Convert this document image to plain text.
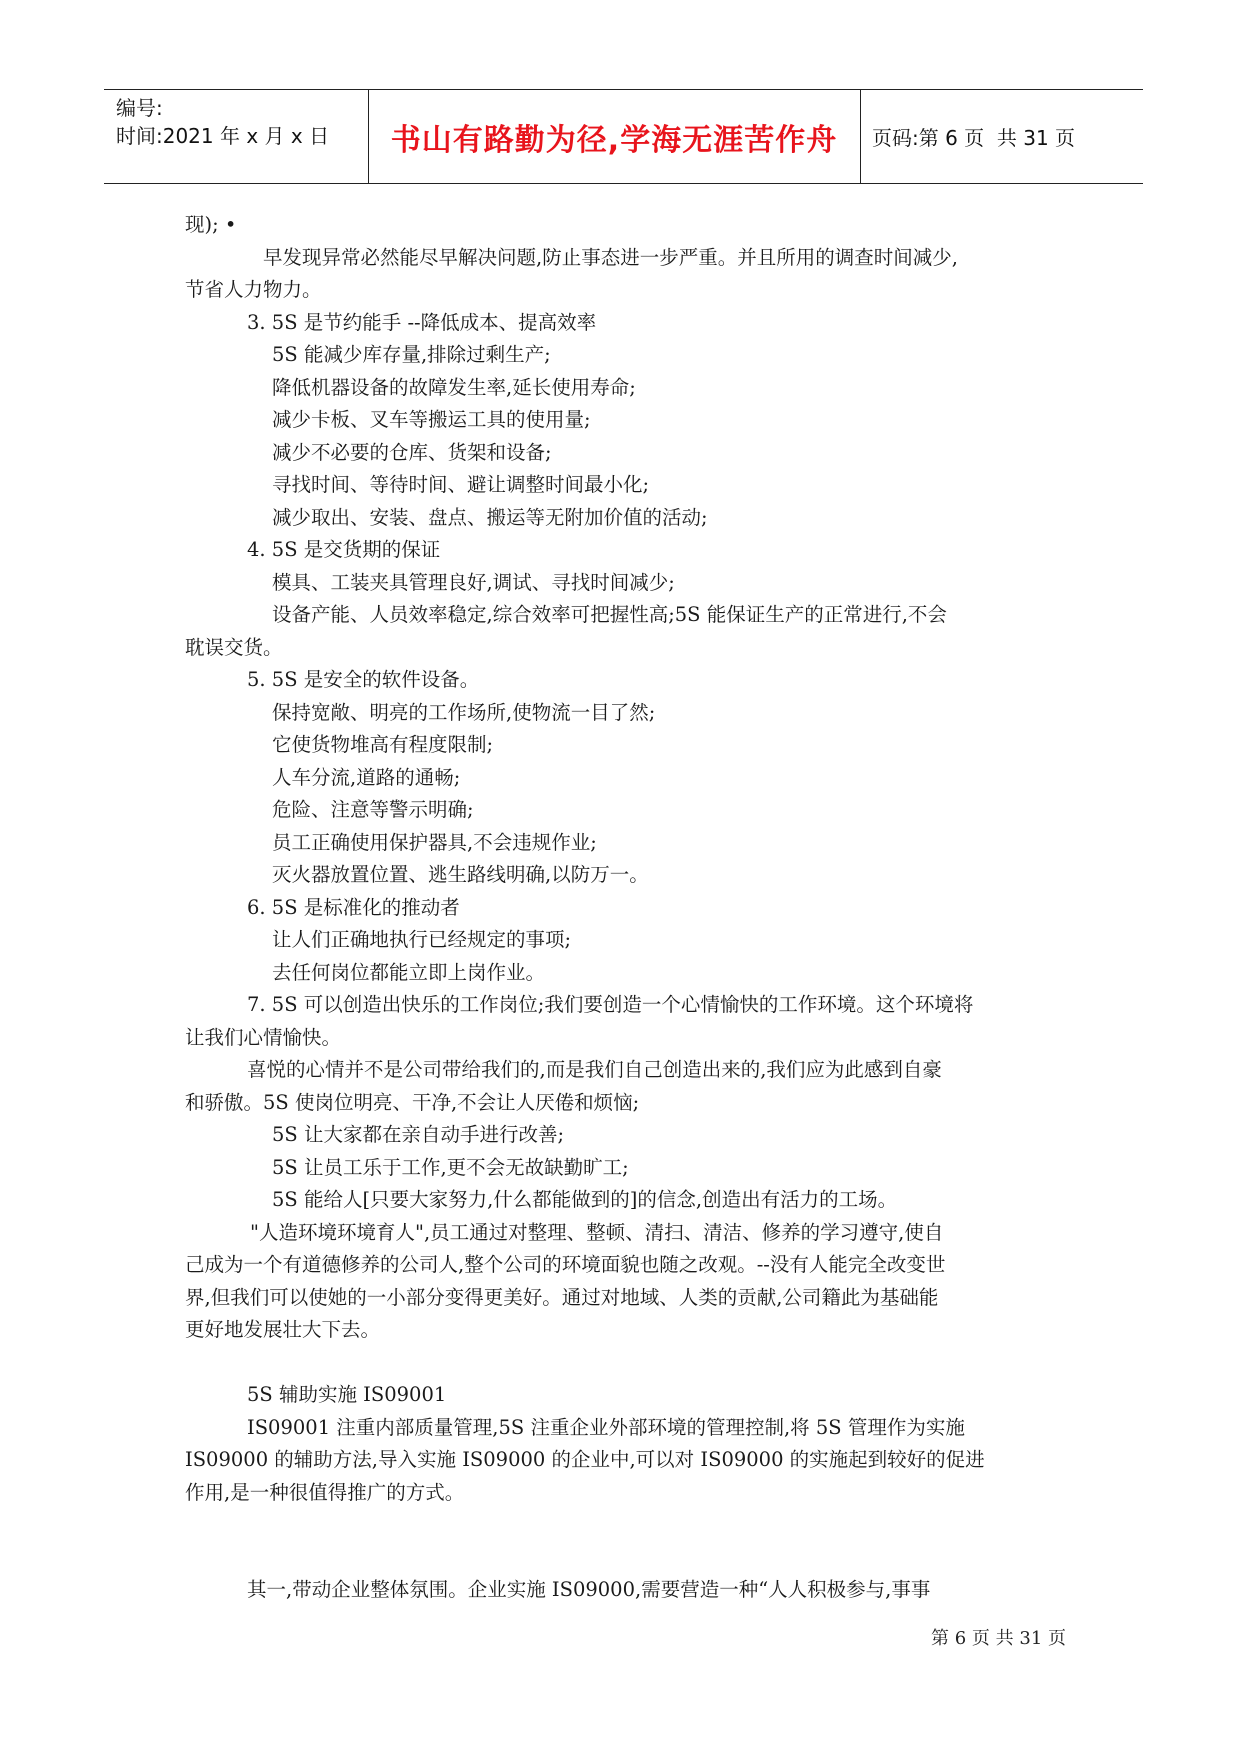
编号:
时间:2021 年 x 月 x 日	书山有路勤为径,学海无涯苦作舟	页码:第 6 页  共 31 页
现); •
早发现异常必然能尽早解决问题,防止事态进一步严重。并且所用的调查时间减少,
节省人力物力。
3. 5S 是节约能手 --降低成本、提高效率
5S 能减少库存量,排除过剩生产;
降低机器设备的故障发生率,延长使用寿命;
减少卡板、叉车等搬运工具的使用量;
减少不必要的仓库、货架和设备;
寻找时间、等待时间、避让调整时间最小化;
减少取出、安装、盘点、搬运等无附加价值的活动;
4. 5S 是交货期的保证
模具、工装夹具管理良好,调试、寻找时间减少;
设备产能、人员效率稳定,综合效率可把握性高;5S 能保证生产的正常进行,不会
耽误交货。
5. 5S 是安全的软件设备。
保持宽敞、明亮的工作场所,使物流一目了然;
它使货物堆高有程度限制;
人车分流,道路的通畅;
危险、注意等警示明确;
员工正确使用保护器具,不会违规作业;
灭火器放置位置、逃生路线明确,以防万一。
6. 5S 是标准化的推动者
让人们正确地执行已经规定的事项;
去任何岗位都能立即上岗作业。
7. 5S 可以创造出快乐的工作岗位;我们要创造一个心情愉快的工作环境。这个环境将
让我们心情愉快。
喜悦的心情并不是公司带给我们的,而是我们自己创造出来的,我们应为此感到自豪
和骄傲。5S 使岗位明亮、干净,不会让人厌倦和烦恼;
5S 让大家都在亲自动手进行改善;
5S 让员工乐于工作,更不会无故缺勤旷工;
5S 能给人[只要大家努力,什么都能做到的]的信念,创造出有活力的工场。
"人造环境环境育人",员工通过对整理、整顿、清扫、清洁、修养的学习遵守,使自
己成为一个有道德修养的公司人,整个公司的环境面貌也随之改观。--没有人能完全改变世
界,但我们可以使她的一小部分变得更美好。通过对地域、人类的贡献,公司籍此为基础能
更好地发展壮大下去。
5S 辅助实施 IS09001
IS09001 注重内部质量管理,5S 注重企业外部环境的管理控制,将 5S 管理作为实施
IS09000 的辅助方法,导入实施 IS09000 的企业中,可以对 IS09000 的实施起到较好的促进
作用,是一种很值得推广的方式。
其一,带动企业整体氛围。企业实施 IS09000,需要营造一种“人人积极参与,事事
第 6 页 共 31 页
